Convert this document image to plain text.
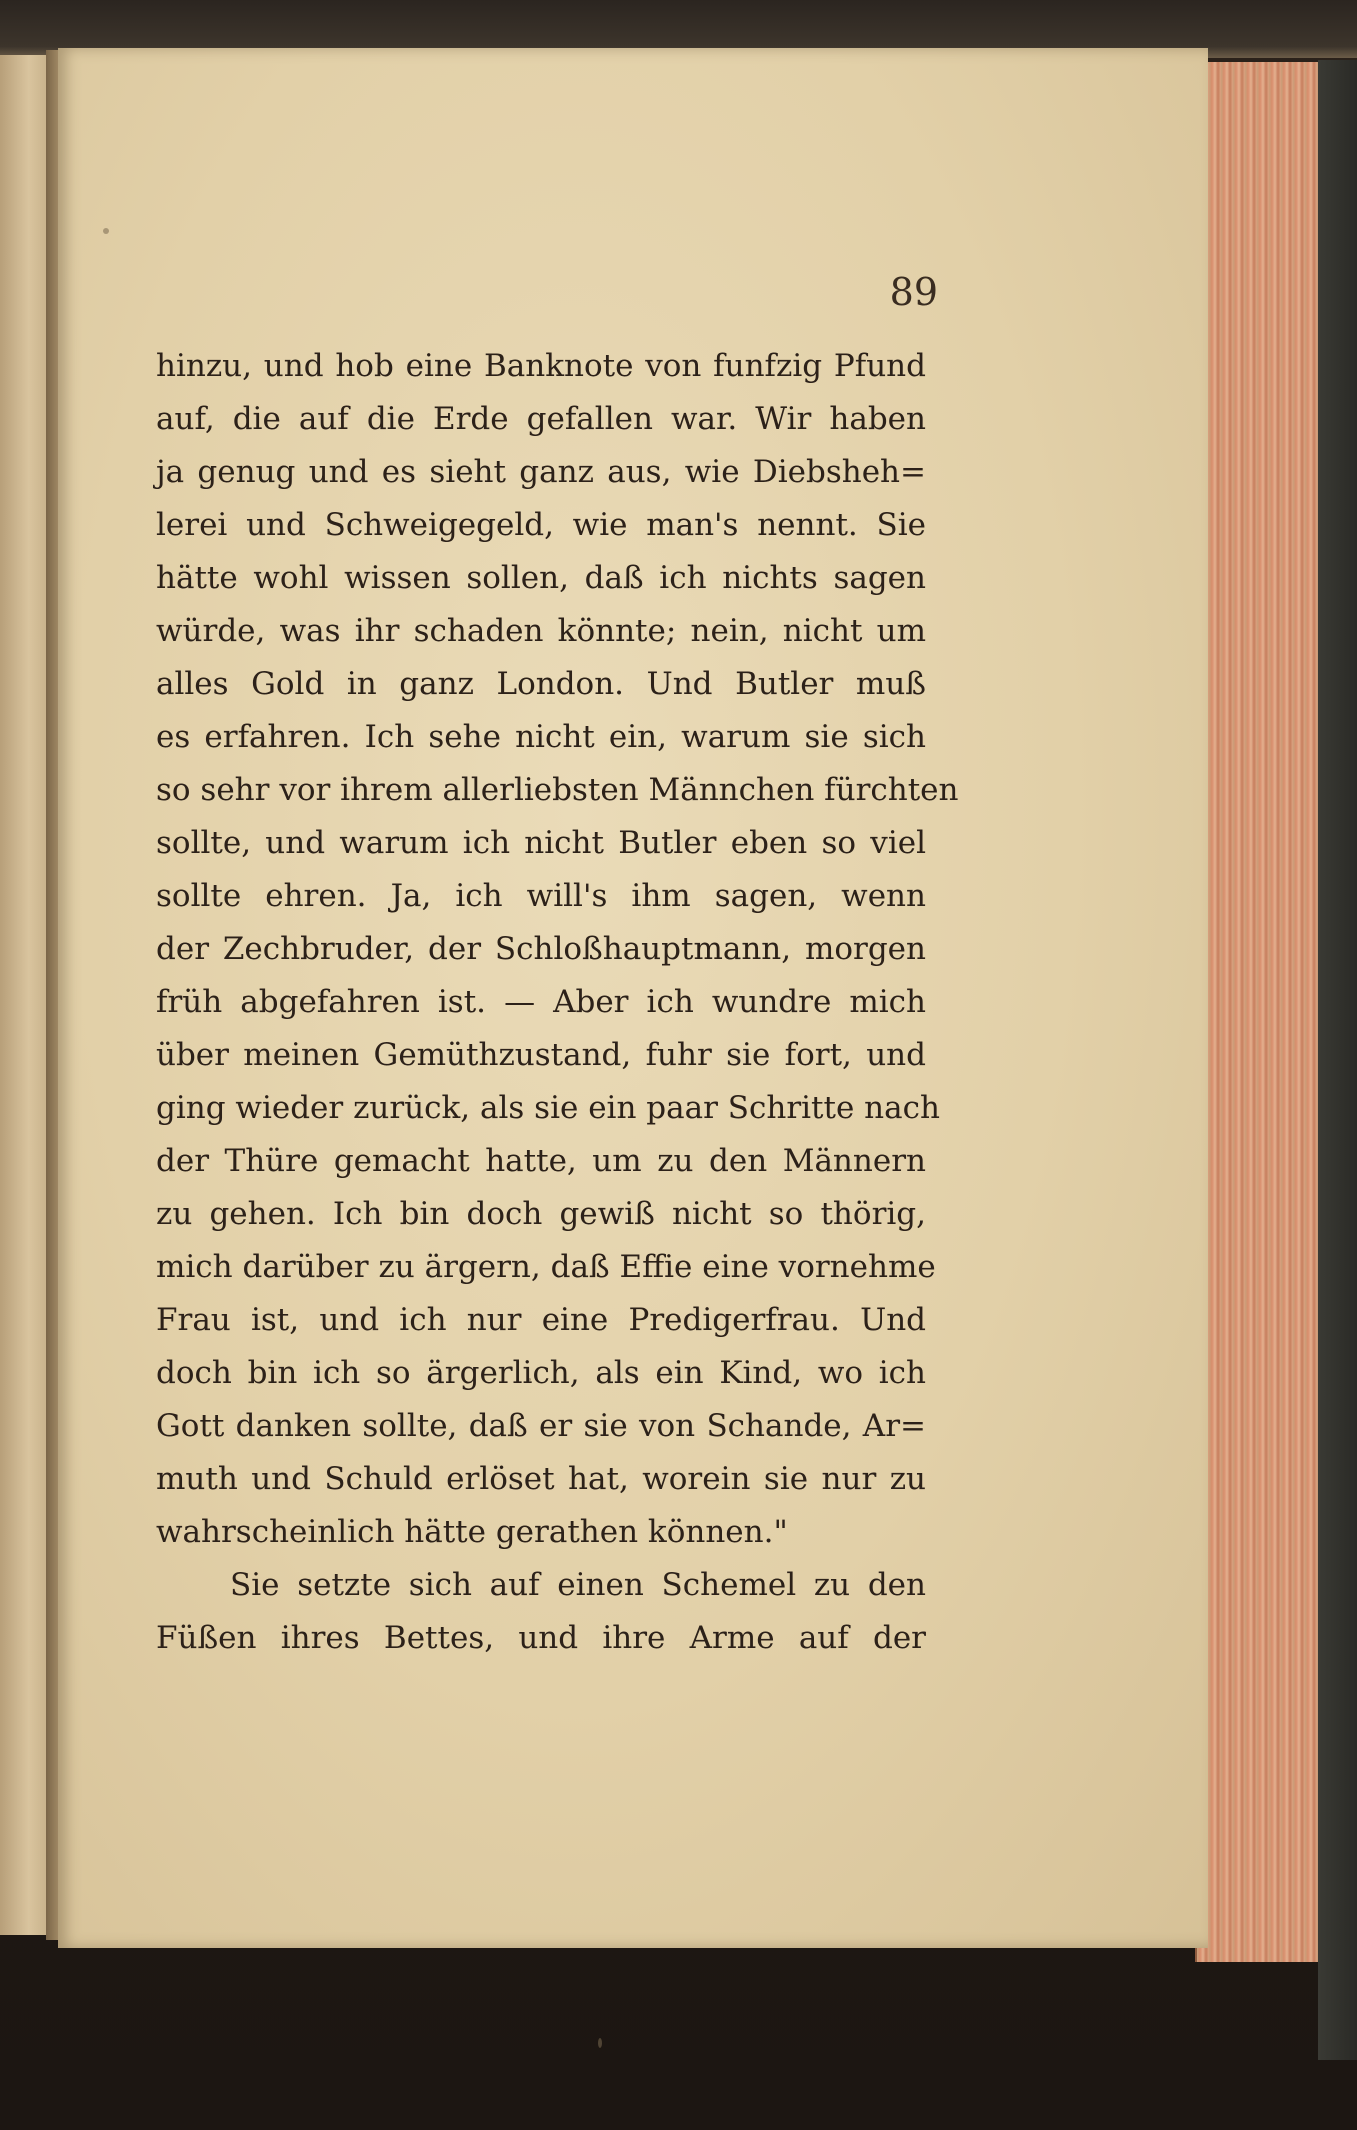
89
hinzu, und hob eine Banknote von funfzig Pfund
auf, die auf die Erde gefallen war. Wir haben
ja genug und es sieht ganz aus, wie Diebsheh=
lerei und Schweigegeld, wie man's nennt. Sie
hätte wohl wissen sollen, daß ich nichts sagen
würde, was ihr schaden könnte; nein, nicht um
alles Gold in ganz London. Und Butler muß
es erfahren. Ich sehe nicht ein, warum sie sich
so sehr vor ihrem allerliebsten Männchen fürchten
sollte, und warum ich nicht Butler eben so viel
sollte ehren. Ja, ich will's ihm sagen, wenn
der Zechbruder, der Schloßhauptmann, morgen
früh abgefahren ist. — Aber ich wundre mich
über meinen Gemüthzustand, fuhr sie fort, und
ging wieder zurück, als sie ein paar Schritte nach
der Thüre gemacht hatte, um zu den Männern
zu gehen. Ich bin doch gewiß nicht so thörig,
mich darüber zu ärgern, daß Effie eine vornehme
Frau ist, und ich nur eine Predigerfrau. Und
doch bin ich so ärgerlich, als ein Kind, wo ich
Gott danken sollte, daß er sie von Schande, Ar=
muth und Schuld erlöset hat, worein sie nur zu
wahrscheinlich hätte gerathen können."
Sie setzte sich auf einen Schemel zu den
Füßen ihres Bettes, und ihre Arme auf der
